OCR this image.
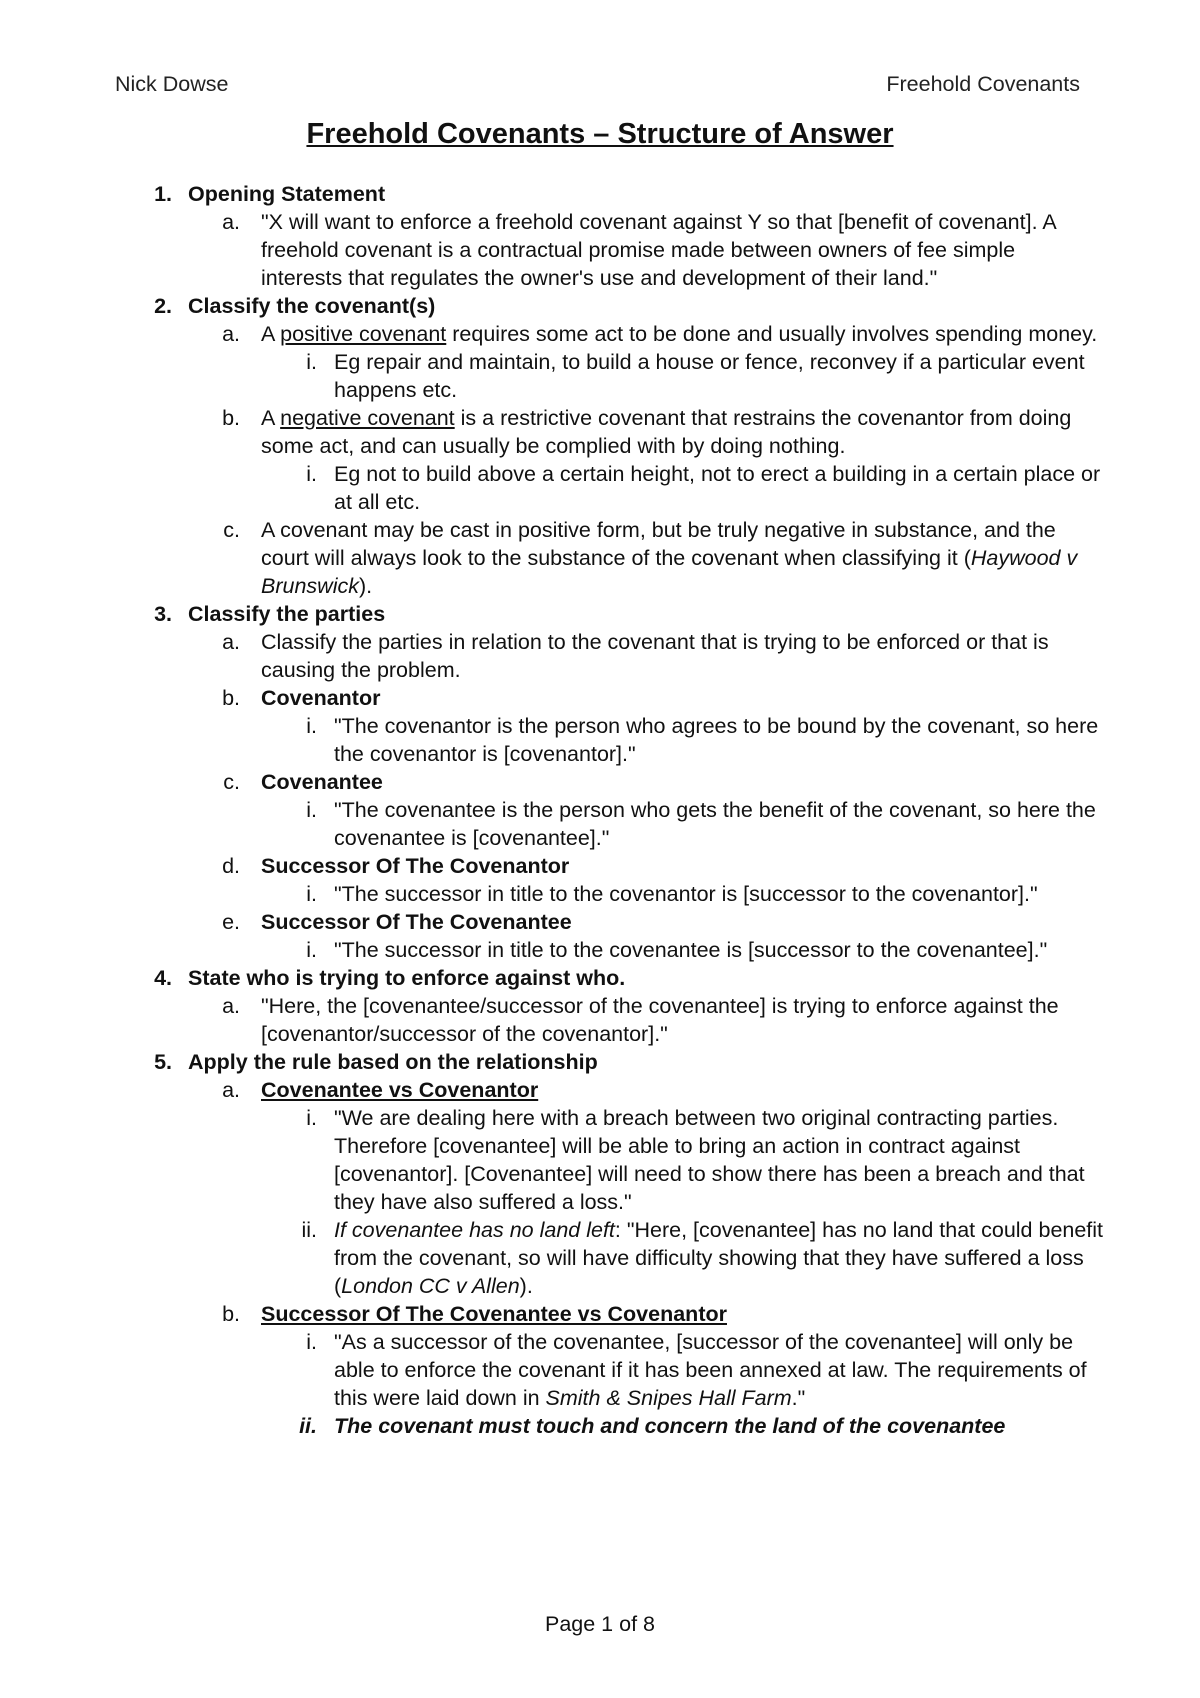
Nick Dowse	Freehold Covenants
Freehold Covenants – Structure of Answer
1. Opening Statement
a. "X will want to enforce a freehold covenant against Y so that [benefit of covenant]. A freehold covenant is a contractual promise made between owners of fee simple interests that regulates the owner's use and development of their land."
2. Classify the covenant(s)
a. A positive covenant requires some act to be done and usually involves spending money.
i. Eg repair and maintain, to build a house or fence, reconvey if a particular event happens etc.
b. A negative covenant is a restrictive covenant that restrains the covenantor from doing some act, and can usually be complied with by doing nothing.
i. Eg not to build above a certain height, not to erect a building in a certain place or at all etc.
c. A covenant may be cast in positive form, but be truly negative in substance, and the court will always look to the substance of the covenant when classifying it (Haywood v Brunswick).
3. Classify the parties
a. Classify the parties in relation to the covenant that is trying to be enforced or that is causing the problem.
b. Covenantor
i. "The covenantor is the person who agrees to be bound by the covenant, so here the covenantor is [covenantor]."
c. Covenantee
i. "The covenantee is the person who gets the benefit of the covenant, so here the covenantee is [covenantee]."
d. Successor Of The Covenantor
i. "The successor in title to the covenantor is [successor to the covenantor]."
e. Successor Of The Covenantee
i. "The successor in title to the covenantee is [successor to the covenantee]."
4. State who is trying to enforce against who.
a. "Here, the [covenantee/successor of the covenantee] is trying to enforce against the [covenantor/successor of the covenantor]."
5. Apply the rule based on the relationship
a. Covenantee vs Covenantor
i. "We are dealing here with a breach between two original contracting parties. Therefore [covenantee] will be able to bring an action in contract against [covenantor]. [Covenantee] will need to show there has been a breach and that they have also suffered a loss."
ii. If covenantee has no land left: "Here, [covenantee] has no land that could benefit from the covenant, so will have difficulty showing that they have suffered a loss (London CC v Allen).
b. Successor Of The Covenantee vs Covenantor
i. "As a successor of the covenantee, [successor of the covenantee] will only be able to enforce the covenant if it has been annexed at law. The requirements of this were laid down in Smith & Snipes Hall Farm."
ii. The covenant must touch and concern the land of the covenantee
Page 1 of 8
